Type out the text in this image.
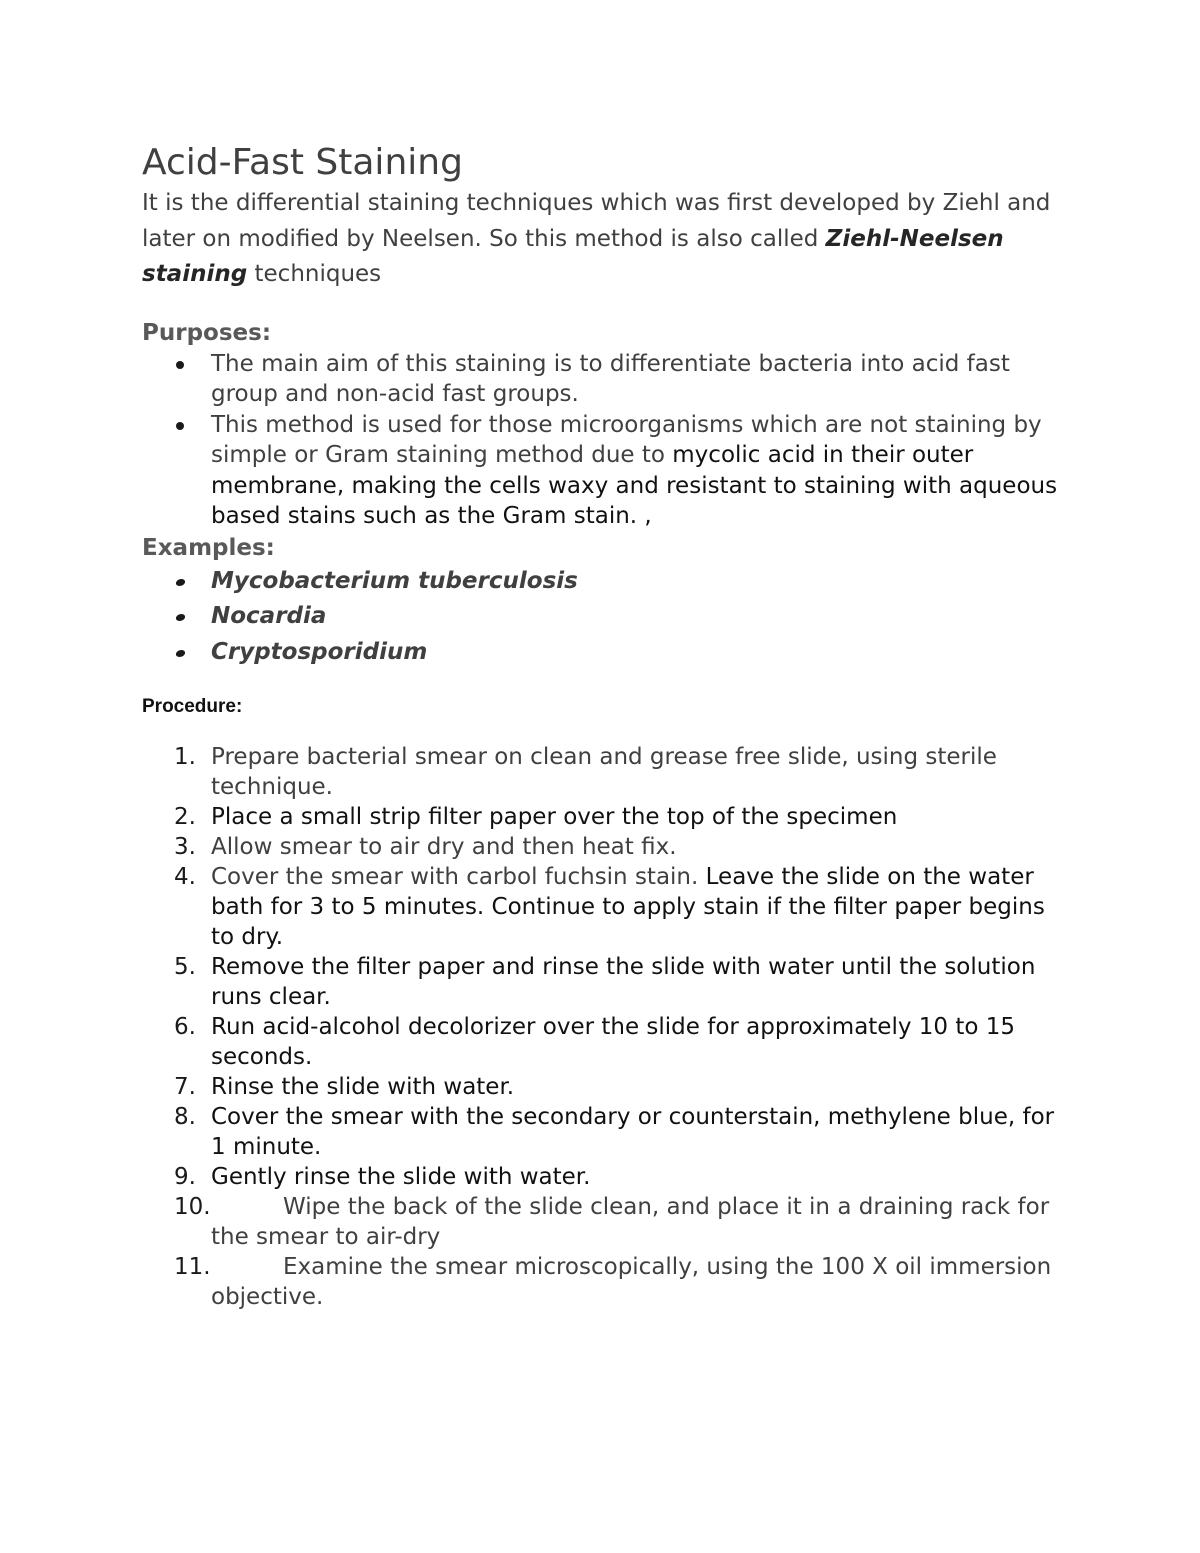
Acid-Fast Staining

It is the differential staining techniques which was first developed by Ziehl and later on modified by Neelsen. So this method is also called Ziehl-Neelsen staining techniques

Purposes:
The main aim of this staining is to differentiate bacteria into acid fast group and non-acid fast groups.
This method is used for those microorganisms which are not staining by simple or Gram staining method due to mycolic acid in their outer membrane, making the cells waxy and resistant to staining with aqueous based stains such as the Gram stain. ,
Examples:
Mycobacterium tuberculosis
Nocardia
Cryptosporidium
Procedure:
1. Prepare bacterial smear on clean and grease free slide, using sterile technique.
2. Place a small strip filter paper over the top of the specimen
3. Allow smear to air dry and then heat fix.
4. Cover the smear with carbol fuchsin stain. Leave the slide on the water bath for 3 to 5 minutes. Continue to apply stain if the filter paper begins to dry.
5. Remove the filter paper and rinse the slide with water until the solution runs clear.
6. Run acid-alcohol decolorizer over the slide for approximately 10 to 15 seconds.
7. Rinse the slide with water.
8. Cover the smear with the secondary or counterstain, methylene blue, for 1 minute.
9. Gently rinse the slide with water.
10.	Wipe the back of the slide clean, and place it in a draining rack for the smear to air-dry
11.	Examine the smear microscopically, using the 100 X oil immersion objective.
